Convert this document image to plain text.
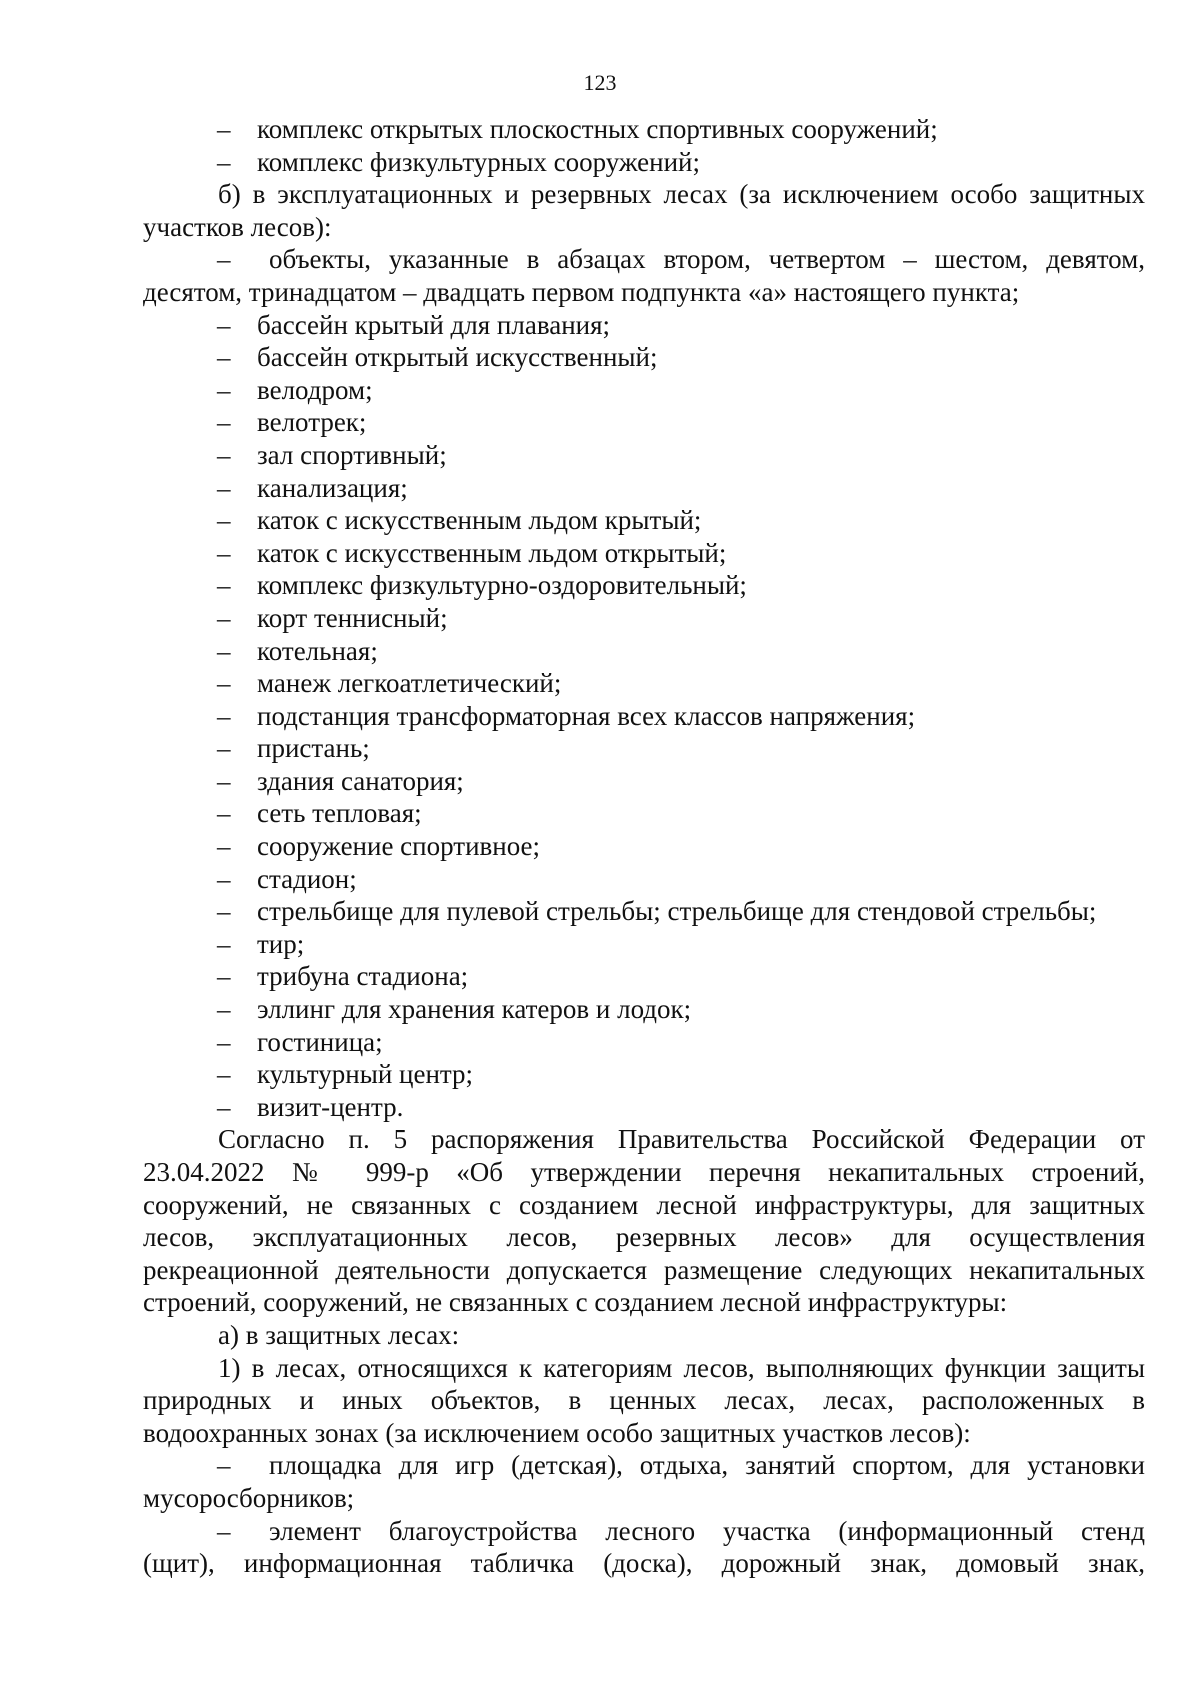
123
– комплекс открытых плоскостных спортивных сооружений;
– комплекс физкультурных сооружений;
б) в эксплуатационных и резервных лесах (за исключением особо защитных
участков лесов):
– объекты, указанные в абзацах втором, четвертом – шестом, девятом,
десятом, тринадцатом – двадцать первом подпункта «а» настоящего пункта;
– бассейн крытый для плавания;
– бассейн открытый искусственный;
– велодром;
– велотрек;
– зал спортивный;
– канализация;
– каток с искусственным льдом крытый;
– каток с искусственным льдом открытый;
– комплекс физкультурно-оздоровительный;
– корт теннисный;
– котельная;
– манеж легкоатлетический;
– подстанция трансформаторная всех классов напряжения;
– пристань;
– здания санатория;
– сеть тепловая;
– сооружение спортивное;
– стадион;
– стрельбище для пулевой стрельбы; стрельбище для стендовой стрельбы;
– тир;
– трибуна стадиона;
– эллинг для хранения катеров и лодок;
– гостиница;
– культурный центр;
– визит-центр.
Согласно п. 5 распоряжения Правительства Российской Федерации от
23.04.2022 № 999-р «Об утверждении перечня некапитальных строений,
сооружений, не связанных с созданием лесной инфраструктуры, для защитных
лесов, эксплуатационных лесов, резервных лесов» для осуществления
рекреационной деятельности допускается размещение следующих некапитальных
строений, сооружений, не связанных с созданием лесной инфраструктуры:
а) в защитных лесах:
1) в лесах, относящихся к категориям лесов, выполняющих функции защиты
природных и иных объектов, в ценных лесах, лесах, расположенных в
водоохранных зонах (за исключением особо защитных участков лесов):
– площадка для игр (детская), отдыха, занятий спортом, для установки
мусоросборников;
– элемент благоустройства лесного участка (информационный стенд
(щит), информационная табличка (доска), дорожный знак, домовый знак,
